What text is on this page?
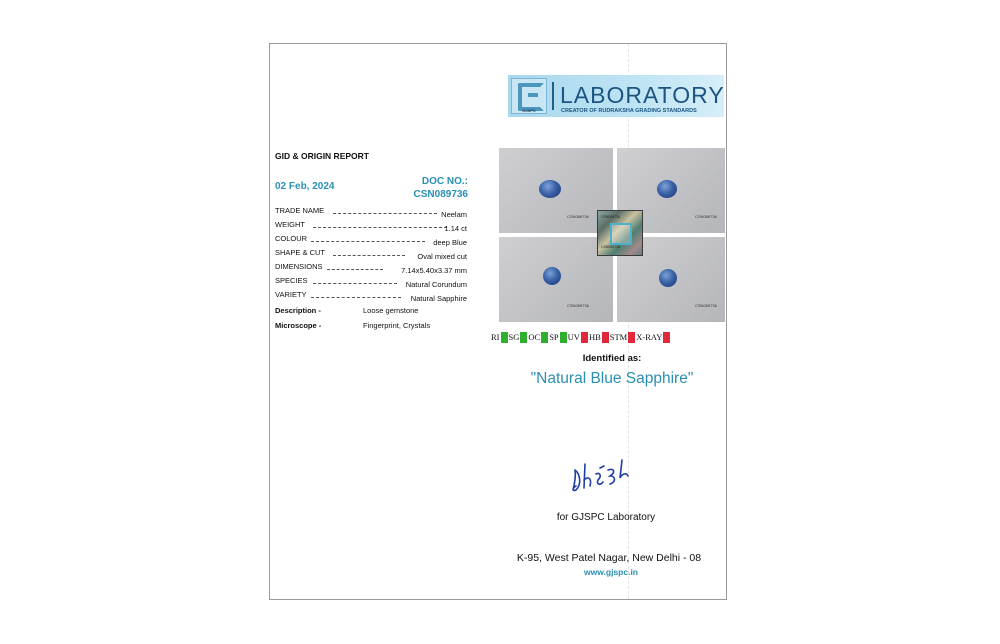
GJSPC
LABORATORY
CREATOR OF RUDRAKSHA GRADING STANDARDS
GID & ORIGIN REPORT
02 Feb, 2024	DOC NO.:
CSN089736
TRADE NAME	Neelam
WEIGHT	1.14 ct
COLOUR	deep Blue
SHAPE & CUT	Oval mixed cut
DIMENSIONS	7.14x5.40x3.37 mm
SPECIES	Natural Corundum
VARIETY	Natural Sapphire
Description -	Loose gemstone
Microscope -	Fingerprint, Crystals
CSN089736	CSN089736
CSN089736	CSN089736
CSN089736
CSN089736
RI SG OC SP UV HB STM X-RAY
Identified as:
"Natural Blue Sapphire"
for GJSPC Laboratory
K-95, West Patel Nagar, New Delhi - 08
www.gjspc.in
